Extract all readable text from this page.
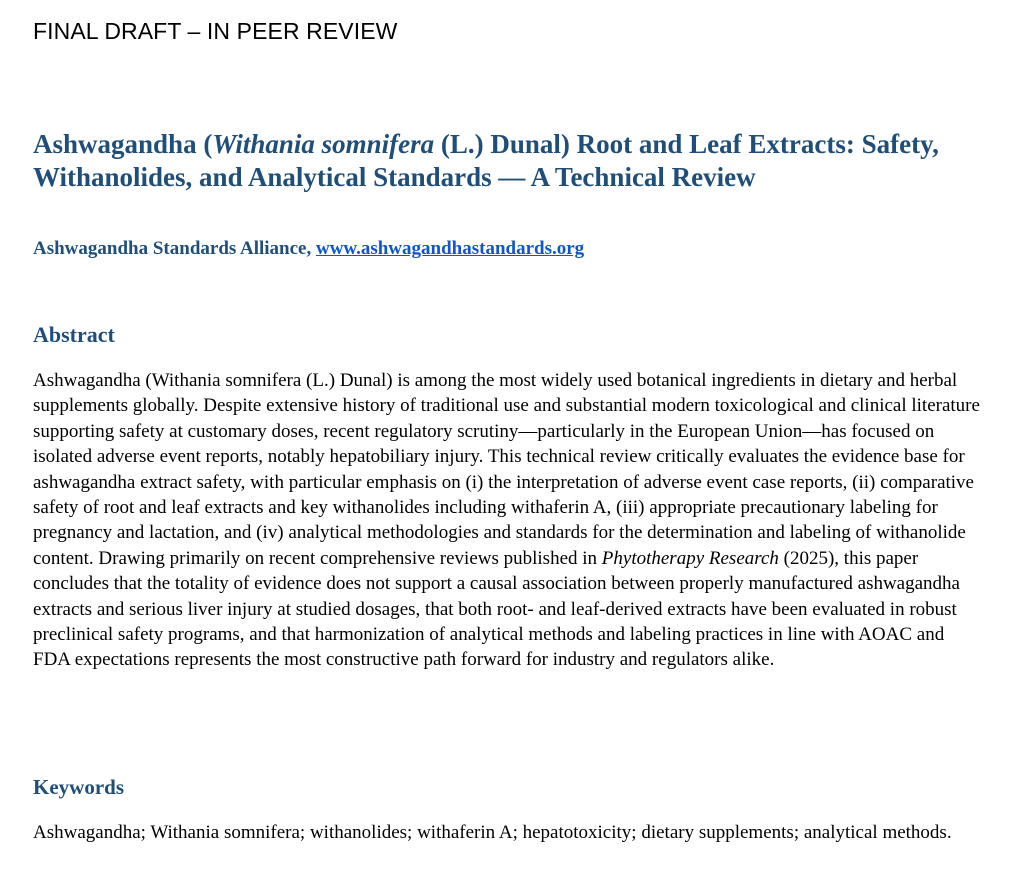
FINAL DRAFT – IN PEER REVIEW
Ashwagandha (Withania somnifera (L.) Dunal) Root and Leaf Extracts: Safety, Withanolides, and Analytical Standards — A Technical Review
Ashwagandha Standards Alliance, www.ashwagandhastandards.org
Abstract

Ashwagandha (Withania somnifera (L.) Dunal) is among the most widely used botanical ingredients in dietary and herbal supplements globally. Despite extensive history of traditional use and substantial modern toxicological and clinical literature supporting safety at customary doses, recent regulatory scrutiny—particularly in the European Union—has focused on isolated adverse event reports, notably hepatobiliary injury. This technical review critically evaluates the evidence base for ashwagandha extract safety, with particular emphasis on (i) the interpretation of adverse event case reports, (ii) comparative safety of root and leaf extracts and key withanolides including withaferin A, (iii) appropriate precautionary labeling for pregnancy and lactation, and (iv) analytical methodologies and standards for the determination and labeling of withanolide content. Drawing primarily on recent comprehensive reviews published in Phytotherapy Research (2025), this paper concludes that the totality of evidence does not support a causal association between properly manufactured ashwagandha extracts and serious liver injury at studied dosages, that both root- and leaf-derived extracts have been evaluated in robust preclinical safety programs, and that harmonization of analytical methods and labeling practices in line with AOAC and FDA expectations represents the most constructive path forward for industry and regulators alike.

Keywords

Ashwagandha; Withania somnifera; withanolides; withaferin A; hepatotoxicity; dietary supplements; analytical methods.
